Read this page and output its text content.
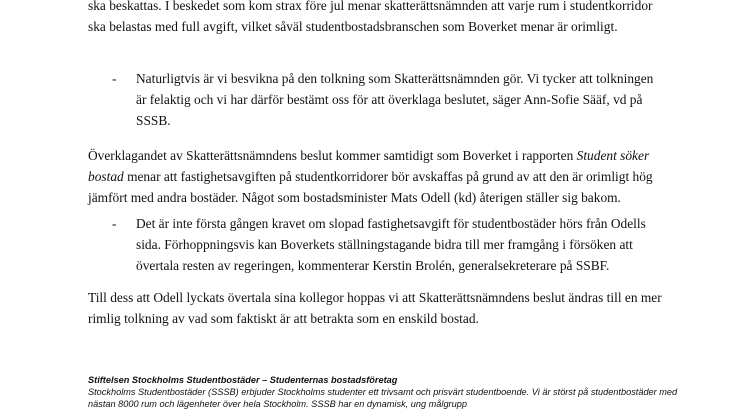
ska beskattas. I beskedet som kom strax före jul menar skatterättsnämnden att varje rum i studentkorridor ska belastas med full avgift, vilket såväl studentbostadsbranschen som Boverket menar är orimligt.

- Naturligtvis är vi besvikna på den tolkning som Skatterättsnämnden gör. Vi tycker att tolkningen är felaktig och vi har därför bestämt oss för att överklaga beslutet, säger Ann-Sofie Sääf, vd på SSSB.

Överklagandet av Skatterättsnämndens beslut kommer samtidigt som Boverket i rapporten Student söker bostad menar att fastighetsavgiften på studentkorridorer bör avskaffas på grund av att den är orimligt hög jämfört med andra bostäder. Något som bostadsminister Mats Odell (kd) återigen ställer sig bakom.

- Det är inte första gången kravet om slopad fastighetsavgift för studentbostäder hörs från Odells sida. Förhoppningsvis kan Boverkets ställningstagande bidra till mer framgång i försöken att övertala resten av regeringen, kommenterar Kerstin Brolén, generalsekreterare på SSBF.

Till dess att Odell lyckats övertala sina kollegor hoppas vi att Skatterättsnämndens beslut ändras till en mer rimlig tolkning av vad som faktiskt är att betrakta som en enskild bostad.

Stiftelsen Stockholms Studentbostäder – Studenternas bostadsföretag

Stockholms Studentbostäder (SSSB) erbjuder Stockholms studenter ett trivsamt och prisvärt studentboende. Vi är störst på studentbostäder med nästan 8000 rum och lägenheter över hela Stockholm. SSSB har en dynamisk, ung målgrupp
